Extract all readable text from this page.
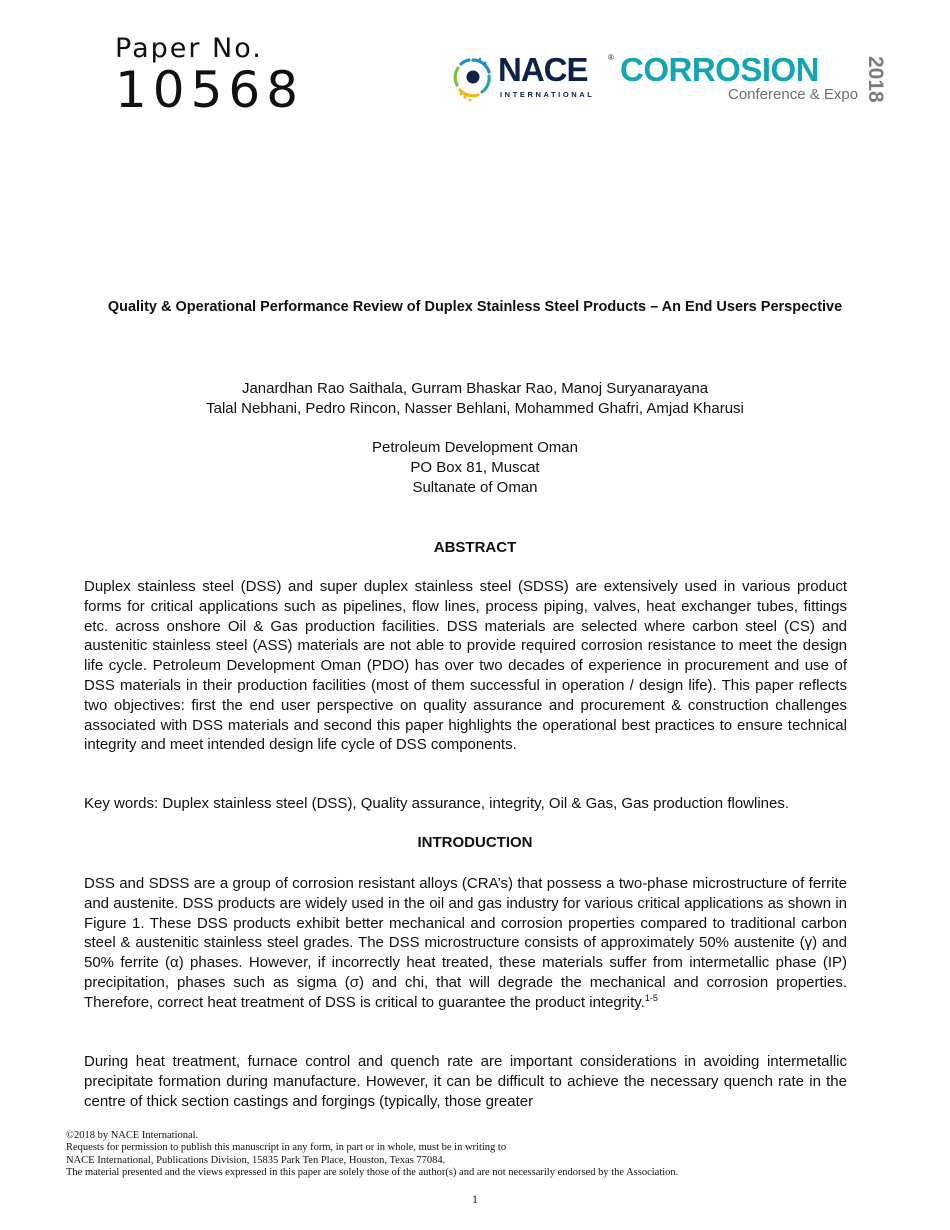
Paper No.
10568	NACE	®
INTERNATIONAL
CORROSION
Conference & Expo 2018
Quality & Operational Performance Review of Duplex Stainless Steel Products – An End Users Perspective
Janardhan Rao Saithala, Gurram Bhaskar Rao, Manoj Suryanarayana
Talal Nebhani, Pedro Rincon, Nasser Behlani, Mohammed Ghafri, Amjad Kharusi
Petroleum Development Oman
PO Box 81, Muscat
Sultanate of Oman
ABSTRACT

Duplex stainless steel (DSS) and super duplex stainless steel (SDSS) are extensively used in various product forms for critical applications such as pipelines, flow lines, process piping, valves, heat exchanger tubes, fittings etc. across onshore Oil & Gas production facilities. DSS materials are selected where carbon steel (CS) and austenitic stainless steel (ASS) materials are not able to provide required corrosion resistance to meet the design life cycle. Petroleum Development Oman (PDO) has over two decades of experience in procurement and use of DSS materials in their production facilities (most of them successful in operation / design life). This paper reflects two objectives: first the end user perspective on quality assurance and procurement & construction challenges associated with DSS materials and second this paper highlights the operational best practices to ensure technical integrity and meet intended design life cycle of DSS components.

Key words: Duplex stainless steel (DSS), Quality assurance, integrity, Oil & Gas, Gas production flowlines.

INTRODUCTION

DSS and SDSS are a group of corrosion resistant alloys (CRA’s) that possess a two-phase microstructure of ferrite and austenite. DSS products are widely used in the oil and gas industry for various critical applications as shown in Figure 1. These DSS products exhibit better mechanical and corrosion properties compared to traditional carbon steel & austenitic stainless steel grades. The DSS microstructure consists of approximately 50% austenite (γ) and 50% ferrite (α) phases. However, if incorrectly heat treated, these materials suffer from intermetallic phase (IP) precipitation, phases such as sigma (σ) and chi, that will degrade the mechanical and corrosion properties. Therefore, correct heat treatment of DSS is critical to guarantee the product integrity.$^{1-5}$

During heat treatment, furnace control and quench rate are important considerations in avoiding intermetallic precipitate formation during manufacture. However, it can be difficult to achieve the necessary quench rate in the centre of thick section castings and forgings (typically, those greater

©2018 by NACE International.
Requests for permission to publish this manuscript in any form, in part or in whole, must be in writing to
NACE International, Publications Division, 15835 Park Ten Place, Houston, Texas 77084.
The material presented and the views expressed in this paper are solely those of the author(s) and are not necessarily endorsed by the Association.
1
